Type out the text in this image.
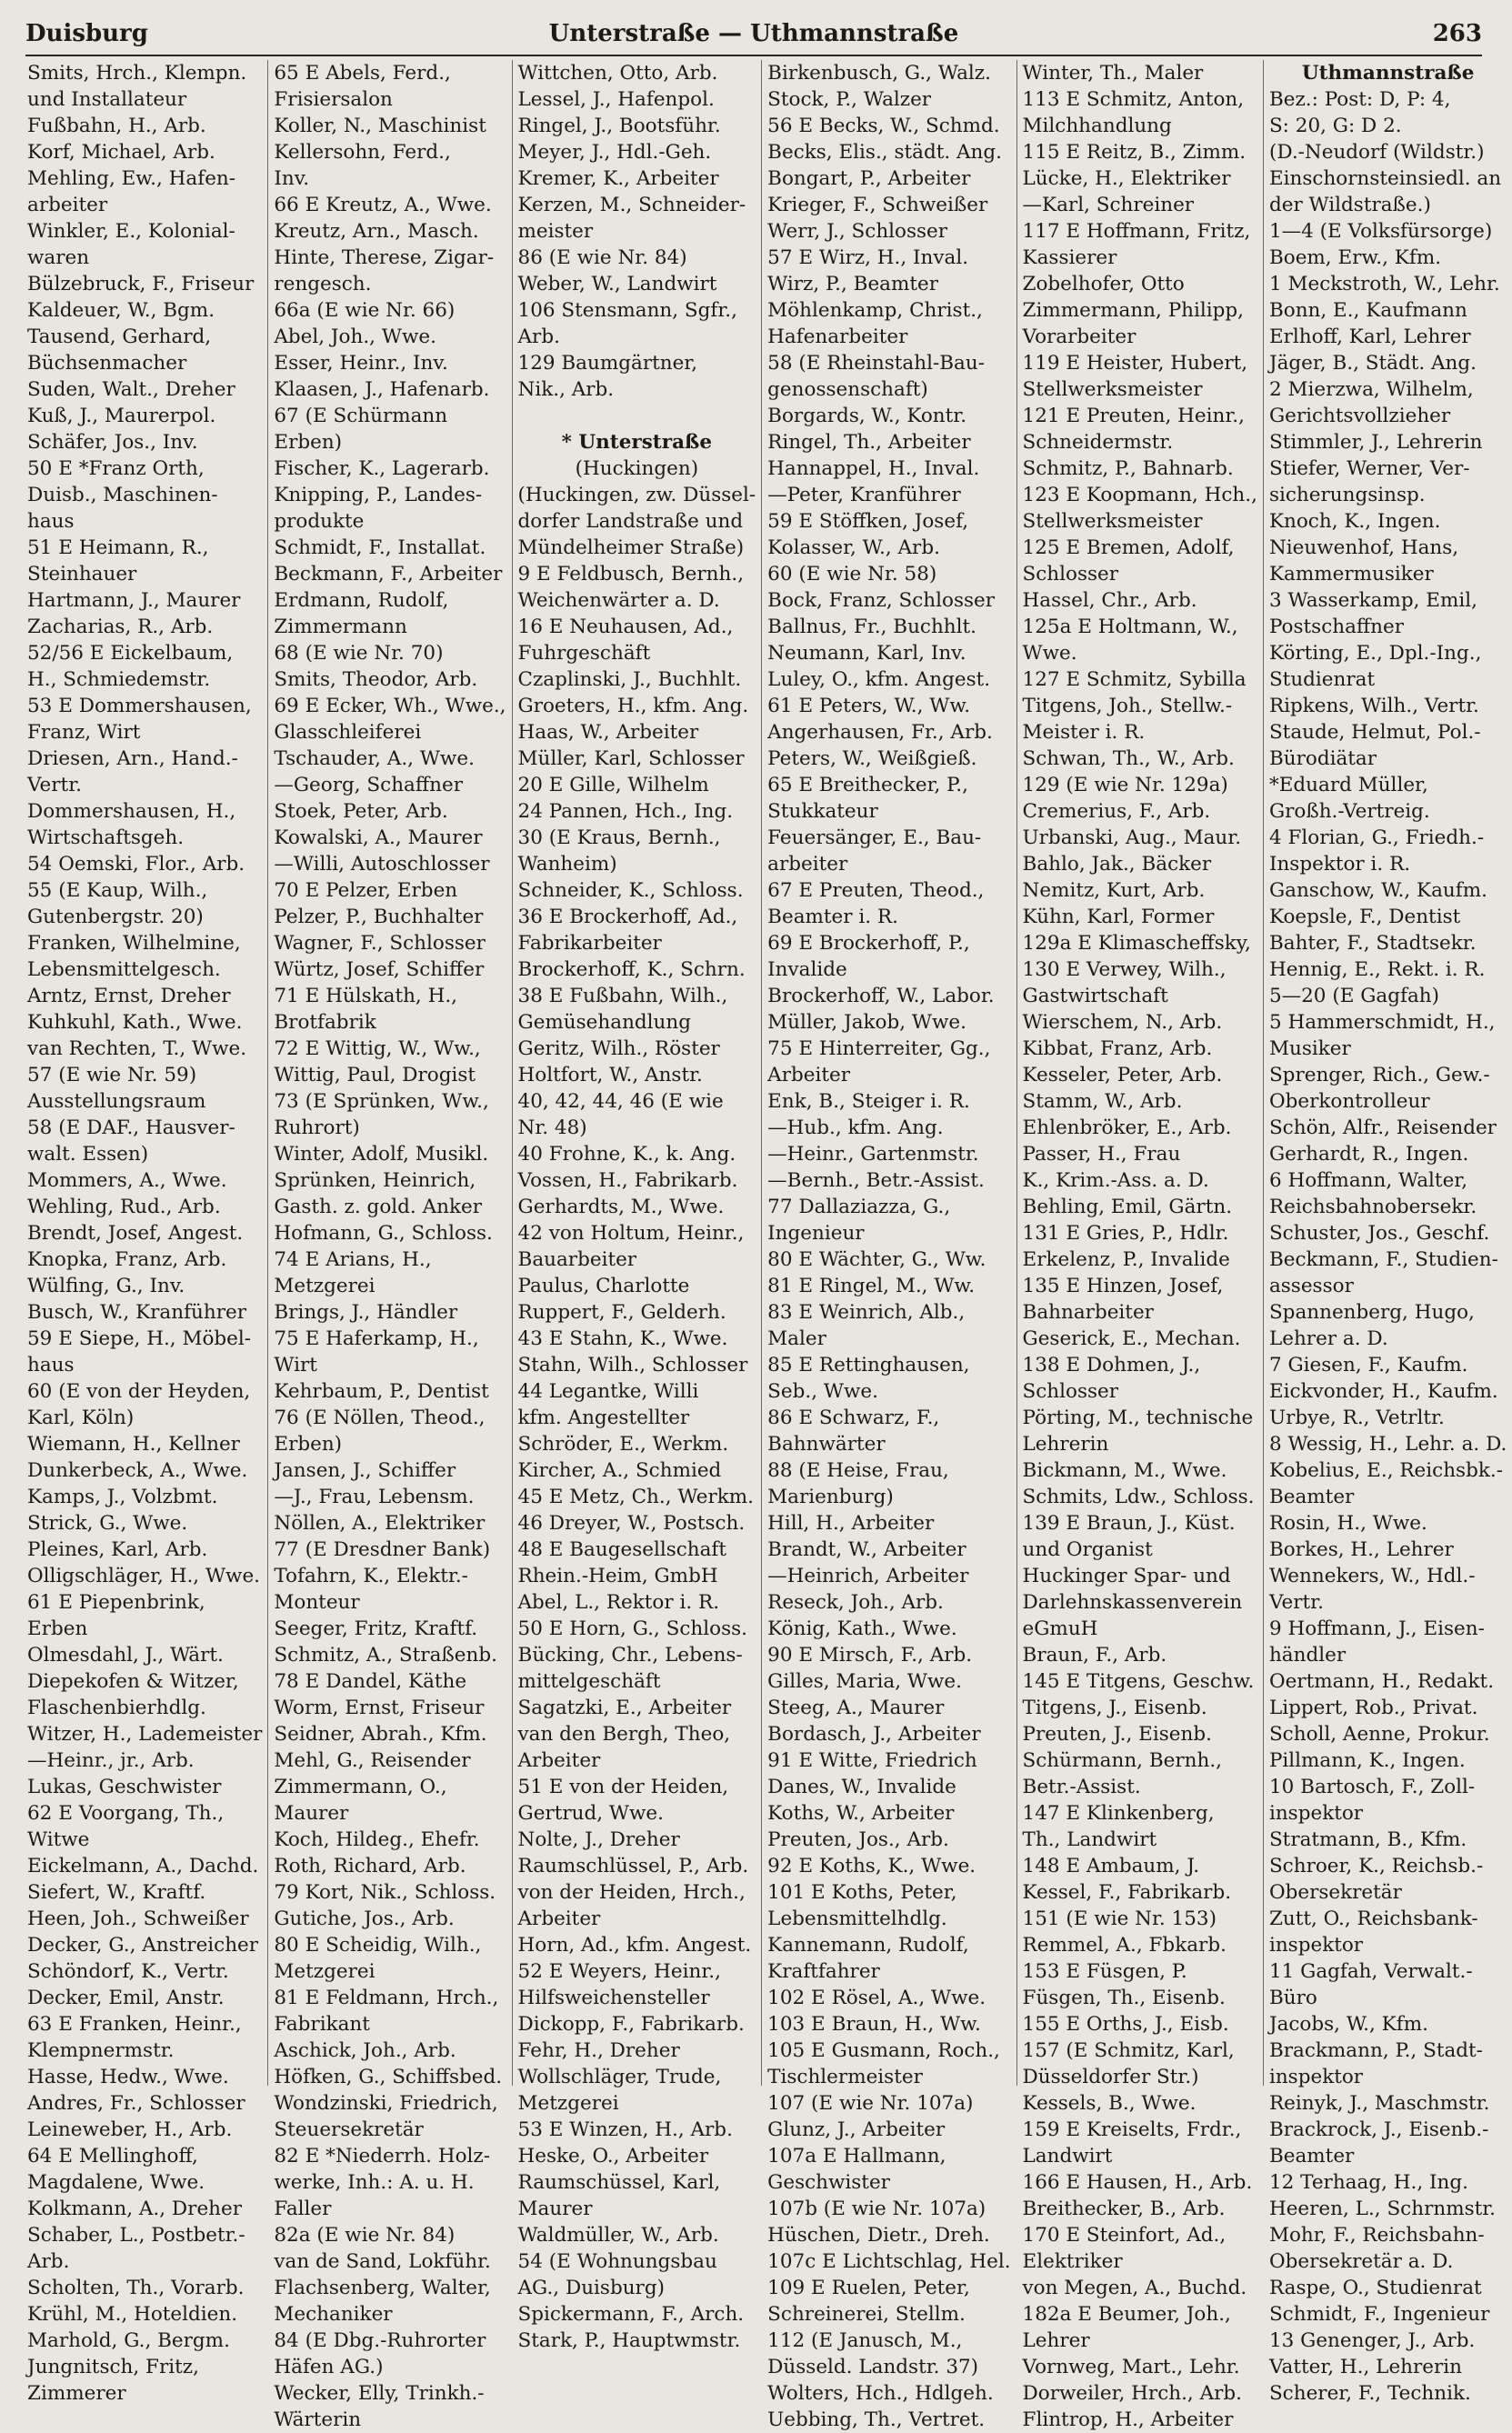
Duisburg	Unterstraße — Uthmannstraße	263
Smits, Hrch., Klempn.
und Installateur
Fußbahn, H., Arb.
Korf, Michael, Arb.
Mehling, Ew., Hafen-
arbeiter
Winkler, E., Kolonial-
waren
Bülzebruck, F., Friseur
Kaldeuer, W., Bgm.
Tausend, Gerhard,
Büchsenmacher
Suden, Walt., Dreher
Kuß, J., Maurerpol.
Schäfer, Jos., Inv.
50 E *Franz Orth,
Duisb., Maschinen-
haus
51 E Heimann, R.,
Steinhauer
Hartmann, J., Maurer
Zacharias, R., Arb.
52/56 E Eickelbaum,
H., Schmiedemstr.
53 E Dommershausen,
Franz, Wirt
Driesen, Arn., Hand.-
Vertr.
Dommershausen, H.,
Wirtschaftsgeh.
54 Oemski, Flor., Arb.
55 (E Kaup, Wilh.,
Gutenbergstr. 20)
Franken, Wilhelmine,
Lebensmittelgesch.
Arntz, Ernst, Dreher
Kuhkuhl, Kath., Wwe.
van Rechten, T., Wwe.
57 (E wie Nr. 59)
Ausstellungsraum
58 (E DAF., Hausver-
walt. Essen)
Mommers, A., Wwe.
Wehling, Rud., Arb.
Brendt, Josef, Angest.
Knopka, Franz, Arb.
Wülfing, G., Inv.
Busch, W., Kranführer
59 E Siepe, H., Möbel-
haus
60 (E von der Heyden,
Karl, Köln)
Wiemann, H., Kellner
Dunkerbeck, A., Wwe.
Kamps, J., Volzbmt.
Strick, G., Wwe.
Pleines, Karl, Arb.
Olligschläger, H., Wwe.
61 E Piepenbrink,
Erben
Olmesdahl, J., Wärt.
Diepekofen & Witzer,
Flaschenbierhdlg.
Witzer, H., Lademeister
—Heinr., jr., Arb.
Lukas, Geschwister
62 E Voorgang, Th.,
Witwe
Eickelmann, A., Dachd.
Siefert, W., Kraftf.
Heen, Joh., Schweißer
Decker, G., Anstreicher
Schöndorf, K., Vertr.
Decker, Emil, Anstr.
63 E Franken, Heinr.,
Klempnermstr.
Hasse, Hedw., Wwe.
Andres, Fr., Schlosser
Leineweber, H., Arb.
64 E Mellinghoff,
Magdalene, Wwe.
Kolkmann, A., Dreher
Schaber, L., Postbetr.-
Arb.
Scholten, Th., Vorarb.
Krühl, M., Hoteldien.
Marhold, G., Bergm.
Jungnitsch, Fritz,
Zimmerer
65 E Abels, Ferd.,
Frisiersalon
Koller, N., Maschinist
Kellersohn, Ferd.,
Inv.
66 E Kreutz, A., Wwe.
Kreutz, Arn., Masch.
Hinte, Therese, Zigar-
rengesch.
66a (E wie Nr. 66)
Abel, Joh., Wwe.
Esser, Heinr., Inv.
Klaasen, J., Hafenarb.
67 (E Schürmann
Erben)
Fischer, K., Lagerarb.
Knipping, P., Landes-
produkte
Schmidt, F., Installat.
Beckmann, F., Arbeiter
Erdmann, Rudolf,
Zimmermann
68 (E wie Nr. 70)
Smits, Theodor, Arb.
69 E Ecker, Wh., Wwe.,
Glasschleiferei
Tschauder, A., Wwe.
—Georg, Schaffner
Stoek, Peter, Arb.
Kowalski, A., Maurer
—Willi, Autoschlosser
70 E Pelzer, Erben
Pelzer, P., Buchhalter
Wagner, F., Schlosser
Würtz, Josef, Schiffer
71 E Hülskath, H.,
Brotfabrik
72 E Wittig, W., Ww.,
Wittig, Paul, Drogist
73 (E Sprünken, Ww.,
Ruhrort)
Winter, Adolf, Musikl.
Sprünken, Heinrich,
Gasth. z. gold. Anker
Hofmann, G., Schloss.
74 E Arians, H.,
Metzgerei
Brings, J., Händler
75 E Haferkamp, H.,
Wirt
Kehrbaum, P., Dentist
76 (E Nöllen, Theod.,
Erben)
Jansen, J., Schiffer
—J., Frau, Lebensm.
Nöllen, A., Elektriker
77 (E Dresdner Bank)
Tofahrn, K., Elektr.-
Monteur
Seeger, Fritz, Kraftf.
Schmitz, A., Straßenb.
78 E Dandel, Käthe
Worm, Ernst, Friseur
Seidner, Abrah., Kfm.
Mehl, G., Reisender
Zimmermann, O.,
Maurer
Koch, Hildeg., Ehefr.
Roth, Richard, Arb.
79 Kort, Nik., Schloss.
Gutiche, Jos., Arb.
80 E Scheidig, Wilh.,
Metzgerei
81 E Feldmann, Hrch.,
Fabrikant
Aschick, Joh., Arb.
Höfken, G., Schiffsbed.
Wondzinski, Friedrich,
Steuersekretär
82 E *Niederrh. Holz-
werke, Inh.: A. u. H.
Faller
82a (E wie Nr. 84)
van de Sand, Lokführ.
Flachsenberg, Walter,
Mechaniker
84 (E Dbg.-Ruhrorter
Häfen AG.)
Wecker, Elly, Trinkh.-
Wärterin
Wittchen, Otto, Arb.
Lessel, J., Hafenpol.
Ringel, J., Bootsführ.
Meyer, J., Hdl.-Geh.
Kremer, K., Arbeiter
Kerzen, M., Schneider-
meister
86 (E wie Nr. 84)
Weber, W., Landwirt
106 Stensmann, Sgfr.,
Arb.
129 Baumgärtner,
Nik., Arb.

* Unterstraße
(Huckingen)
(Huckingen, zw. Düssel-
dorfer Landstraße und
Mündelheimer Straße)
9 E Feldbusch, Bernh.,
Weichenwärter a. D.
16 E Neuhausen, Ad.,
Fuhrgeschäft
Czaplinski, J., Buchhlt.
Groeters, H., kfm. Ang.
Haas, W., Arbeiter
Müller, Karl, Schlosser
20 E Gille, Wilhelm
24 Pannen, Hch., Ing.
30 (E Kraus, Bernh.,
Wanheim)
Schneider, K., Schloss.
36 E Brockerhoff, Ad.,
Fabrikarbeiter
Brockerhoff, K., Schrn.
38 E Fußbahn, Wilh.,
Gemüsehandlung
Geritz, Wilh., Röster
Holtfort, W., Anstr.
40, 42, 44, 46 (E wie
Nr. 48)
40 Frohne, K., k. Ang.
Vossen, H., Fabrikarb.
Gerhardts, M., Wwe.
42 von Holtum, Heinr.,
Bauarbeiter
Paulus, Charlotte
Ruppert, F., Gelderh.
43 E Stahn, K., Wwe.
Stahn, Wilh., Schlosser
44 Legantke, Willi
kfm. Angestellter
Schröder, E., Werkm.
Kircher, A., Schmied
45 E Metz, Ch., Werkm.
46 Dreyer, W., Postsch.
48 E Baugesellschaft
Rhein.-Heim, GmbH
Abel, L., Rektor i. R.
50 E Horn, G., Schloss.
Bücking, Chr., Lebens-
mittelgeschäft
Sagatzki, E., Arbeiter
van den Bergh, Theo,
Arbeiter
51 E von der Heiden,
Gertrud, Wwe.
Nolte, J., Dreher
Raumschlüssel, P., Arb.
von der Heiden, Hrch.,
Arbeiter
Horn, Ad., kfm. Angest.
52 E Weyers, Heinr.,
Hilfsweichensteller
Dickopp, F., Fabrikarb.
Fehr, H., Dreher
Wollschläger, Trude,
Metzgerei
53 E Winzen, H., Arb.
Heske, O., Arbeiter
Raumschüssel, Karl,
Maurer
Waldmüller, W., Arb.
54 (E Wohnungsbau
AG., Duisburg)
Spickermann, F., Arch.
Stark, P., Hauptwmstr.
Birkenbusch, G., Walz.
Stock, P., Walzer
56 E Becks, W., Schmd.
Becks, Elis., städt. Ang.
Bongart, P., Arbeiter
Krieger, F., Schweißer
Werr, J., Schlosser
57 E Wirz, H., Inval.
Wirz, P., Beamter
Möhlenkamp, Christ.,
Hafenarbeiter
58 (E Rheinstahl-Bau-
genossenschaft)
Borgards, W., Kontr.
Ringel, Th., Arbeiter
Hannappel, H., Inval.
—Peter, Kranführer
59 E Stöffken, Josef,
Kolasser, W., Arb.
60 (E wie Nr. 58)
Bock, Franz, Schlosser
Ballnus, Fr., Buchhlt.
Neumann, Karl, Inv.
Luley, O., kfm. Angest.
61 E Peters, W., Ww.
Angerhausen, Fr., Arb.
Peters, W., Weißgieß.
65 E Breithecker, P.,
Stukkateur
Feuersänger, E., Bau-
arbeiter
67 E Preuten, Theod.,
Beamter i. R.
69 E Brockerhoff, P.,
Invalide
Brockerhoff, W., Labor.
Müller, Jakob, Wwe.
75 E Hinterreiter, Gg.,
Arbeiter
Enk, B., Steiger i. R.
—Hub., kfm. Ang.
—Heinr., Gartenmstr.
—Bernh., Betr.-Assist.
77 Dallaziazza, G.,
Ingenieur
80 E Wächter, G., Ww.
81 E Ringel, M., Ww.
83 E Weinrich, Alb.,
Maler
85 E Rettinghausen,
Seb., Wwe.
86 E Schwarz, F.,
Bahnwärter
88 (E Heise, Frau,
Marienburg)
Hill, H., Arbeiter
Brandt, W., Arbeiter
—Heinrich, Arbeiter
Reseck, Joh., Arb.
König, Kath., Wwe.
90 E Mirsch, F., Arb.
Gilles, Maria, Wwe.
Steeg, A., Maurer
Bordasch, J., Arbeiter
91 E Witte, Friedrich
Danes, W., Invalide
Koths, W., Arbeiter
Preuten, Jos., Arb.
92 E Koths, K., Wwe.
101 E Koths, Peter,
Lebensmittelhdlg.
Kannemann, Rudolf,
Kraftfahrer
102 E Rösel, A., Wwe.
103 E Braun, H., Ww.
105 E Gusmann, Roch.,
Tischlermeister
107 (E wie Nr. 107a)
Glunz, J., Arbeiter
107a E Hallmann,
Geschwister
107b (E wie Nr. 107a)
Hüschen, Dietr., Dreh.
107c E Lichtschlag, Hel.
109 E Ruelen, Peter,
Schreinerei, Stellm.
112 (E Janusch, M.,
Düsseld. Landstr. 37)
Wolters, Hch., Hdlgeh.
Uebbing, Th., Vertret.
Winter, Th., Maler
113 E Schmitz, Anton,
Milchhandlung
115 E Reitz, B., Zimm.
Lücke, H., Elektriker
—Karl, Schreiner
117 E Hoffmann, Fritz,
Kassierer
Zobelhofer, Otto
Zimmermann, Philipp,
Vorarbeiter
119 E Heister, Hubert,
Stellwerksmeister
121 E Preuten, Heinr.,
Schneidermstr.
Schmitz, P., Bahnarb.
123 E Koopmann, Hch.,
Stellwerksmeister
125 E Bremen, Adolf,
Schlosser
Hassel, Chr., Arb.
125a E Holtmann, W.,
Wwe.
127 E Schmitz, Sybilla
Titgens, Joh., Stellw.-
Meister i. R.
Schwan, Th., W., Arb.
129 (E wie Nr. 129a)
Cremerius, F., Arb.
Urbanski, Aug., Maur.
Bahlo, Jak., Bäcker
Nemitz, Kurt, Arb.
Kühn, Karl, Former
129a E Klimascheffsky,
130 E Verwey, Wilh.,
Gastwirtschaft
Wierschem, N., Arb.
Kibbat, Franz, Arb.
Kesseler, Peter, Arb.
Stamm, W., Arb.
Ehlenbröker, E., Arb.
Passer, H., Frau
K., Krim.-Ass. a. D.
Behling, Emil, Gärtn.
131 E Gries, P., Hdlr.
Erkelenz, P., Invalide
135 E Hinzen, Josef,
Bahnarbeiter
Geserick, E., Mechan.
138 E Dohmen, J.,
Schlosser
Pörting, M., technische
Lehrerin
Bickmann, M., Wwe.
Schmits, Ldw., Schloss.
139 E Braun, J., Küst.
und Organist
Huckinger Spar- und
Darlehnskassenverein
eGmuH
Braun, F., Arb.
145 E Titgens, Geschw.
Titgens, J., Eisenb.
Preuten, J., Eisenb.
Schürmann, Bernh.,
Betr.-Assist.
147 E Klinkenberg,
Th., Landwirt
148 E Ambaum, J.
Kessel, F., Fabrikarb.
151 (E wie Nr. 153)
Remmel, A., Fbkarb.
153 E Füsgen, P.
Füsgen, Th., Eisenb.
155 E Orths, J., Eisb.
157 (E Schmitz, Karl,
Düsseldorfer Str.)
Kessels, B., Wwe.
159 E Kreiselts, Frdr.,
Landwirt
166 E Hausen, H., Arb.
Breithecker, B., Arb.
170 E Steinfort, Ad.,
Elektriker
von Megen, A., Buchd.
182a E Beumer, Joh.,
Lehrer
Vornweg, Mart., Lehr.
Dorweiler, Hrch., Arb.
Flintrop, H., Arbeiter
Uthmannstraße
Bez.: Post: D, P: 4,
S: 20, G: D 2.
(D.-Neudorf (Wildstr.)
Einschornsteinsiedl. an
der Wildstraße.)
1—4 (E Volksfürsorge)
Boem, Erw., Kfm.
1 Meckstroth, W., Lehr.
Bonn, E., Kaufmann
Erlhoff, Karl, Lehrer
Jäger, B., Städt. Ang.
2 Mierzwa, Wilhelm,
Gerichtsvollzieher
Stimmler, J., Lehrerin
Stiefer, Werner, Ver-
sicherungsinsp.
Knoch, K., Ingen.
Nieuwenhof, Hans,
Kammermusiker
3 Wasserkamp, Emil,
Postschaffner
Körting, E., Dpl.-Ing.,
Studienrat
Ripkens, Wilh., Vertr.
Staude, Helmut, Pol.-
Bürodiätar
*Eduard Müller,
Großh.-Vertreig.
4 Florian, G., Friedh.-
Inspektor i. R.
Ganschow, W., Kaufm.
Koepsle, F., Dentist
Bahter, F., Stadtsekr.
Hennig, E., Rekt. i. R.
5—20 (E Gagfah)
5 Hammerschmidt, H.,
Musiker
Sprenger, Rich., Gew.-
Oberkontrolleur
Schön, Alfr., Reisender
Gerhardt, R., Ingen.
6 Hoffmann, Walter,
Reichsbahnobersekr.
Schuster, Jos., Geschf.
Beckmann, F., Studien-
assessor
Spannenberg, Hugo,
Lehrer a. D.
7 Giesen, F., Kaufm.
Eickvonder, H., Kaufm.
Urbye, R., Vetrltr.
8 Wessig, H., Lehr. a. D.
Kobelius, E., Reichsbk.-
Beamter
Rosin, H., Wwe.
Borkes, H., Lehrer
Wennekers, W., Hdl.-
Vertr.
9 Hoffmann, J., Eisen-
händler
Oertmann, H., Redakt.
Lippert, Rob., Privat.
Scholl, Aenne, Prokur.
Pillmann, K., Ingen.
10 Bartosch, F., Zoll-
inspektor
Stratmann, B., Kfm.
Schroer, K., Reichsb.-
Obersekretär
Zutt, O., Reichsbank-
inspektor
11 Gagfah, Verwalt.-
Büro
Jacobs, W., Kfm.
Brackmann, P., Stadt-
inspektor
Reinyk, J., Maschmstr.
Brackrock, J., Eisenb.-
Beamter
12 Terhaag, H., Ing.
Heeren, L., Schrnmstr.
Mohr, F., Reichsbahn-
Obersekretär a. D.
Raspe, O., Studienrat
Schmidt, F., Ingenieur
13 Genenger, J., Arb.
Vatter, H., Lehrerin
Scherer, F., Technik.
